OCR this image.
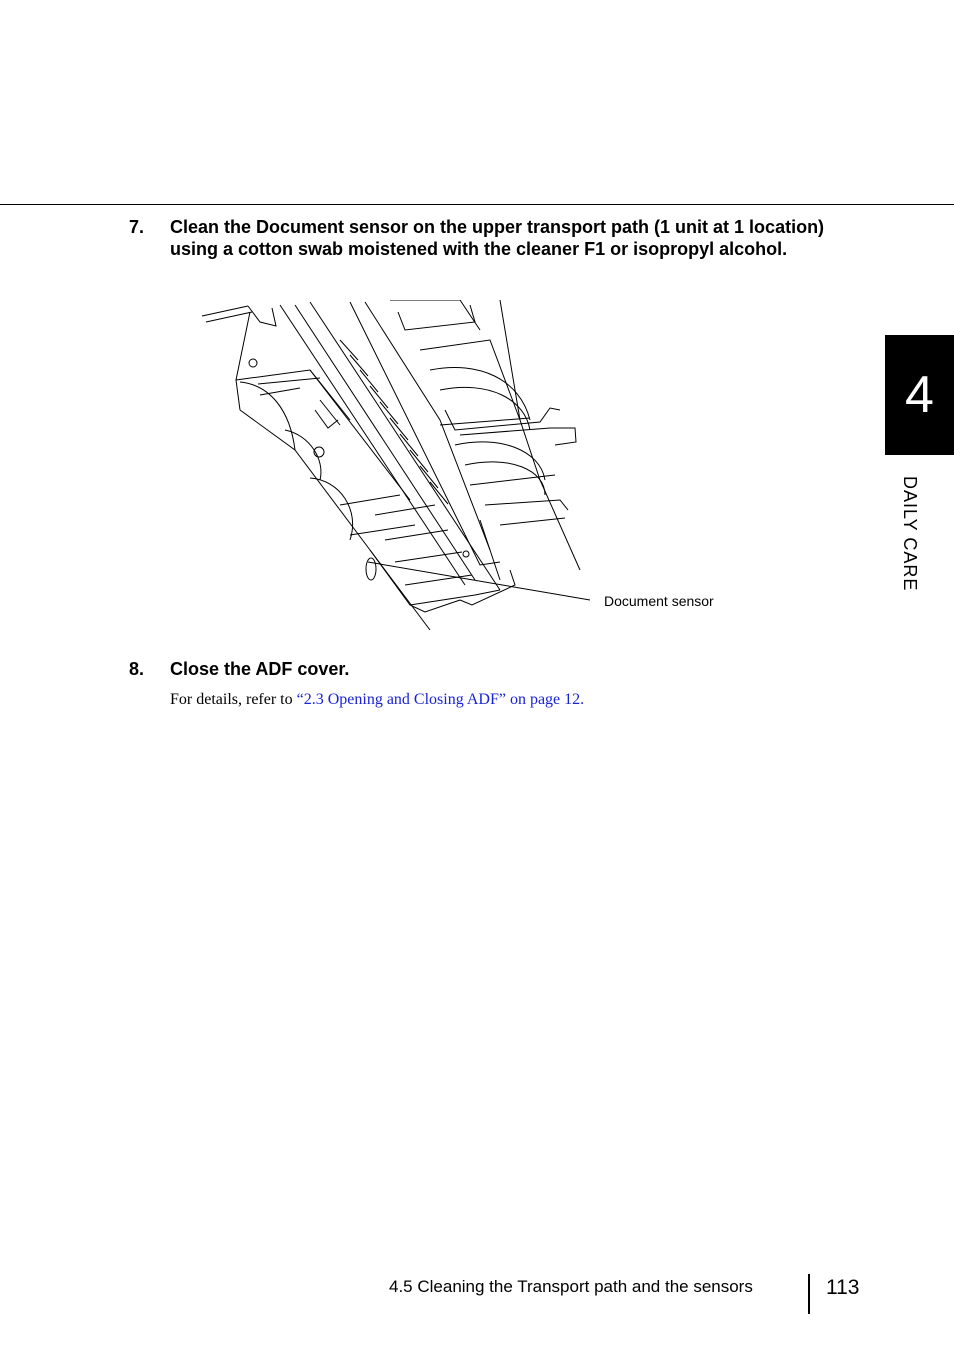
7. Clean the Document sensor on the upper transport path (1 unit at 1 location) using a cotton swab moistened with the cleaner F1 or isopropyl alcohol.
Document sensor
8. Close the ADF cover.
For details, refer to “2.3 Opening and Closing ADF” on page 12.
4
DAILY CARE
4.5 Cleaning the Transport path and the sensors	113
